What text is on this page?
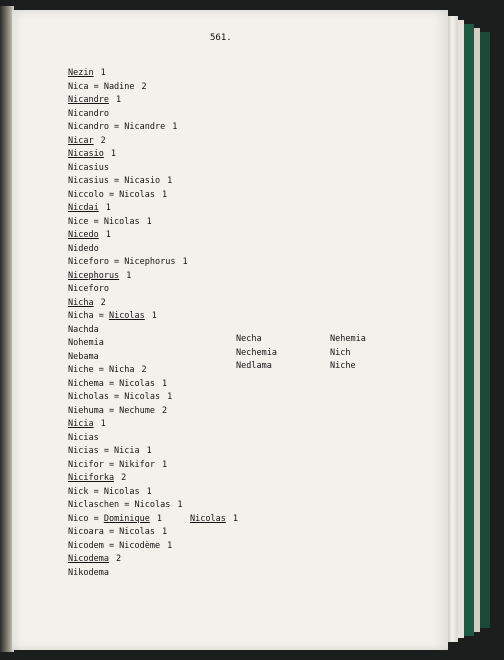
561.
Nezin 1
Nica = Nadine 2
Nicandre 1
Nicandro
Nicandro = Nicandre 1
Nicar 2
Nicasio 1
Nicasius
Nicasius = Nicasio 1
Niccolo = Nicolas 1
Nicdai 1
Nice = Nicolas 1
Nicedo 1
Nidedo
Niceforo = Nicephorus 1
Nicephorus 1
Niceforo
Nicha 2
Nicha = Nicolas 1
Nachda
Nohemia
Nebama
Niche = Nicha 2
Nichema = Nicolas 1
Nicholas = Nicolas 1
Niehuma = Nechume 2
Nicia 1
Nicias
Nicias = Nicia 1
Nicifor = Nikifor 1
Niciforka 2
Nick = Nicolas 1
Niclaschen = Nicolas 1
Nico = Dominique 1	Nicolas 1
Nicoara = Nicolas 1
Nicodem = Nicodème 1
Nicodema 2
Nikodema
Necha
Nechemia
Nedlama
Nehemia
Nich
Niche
